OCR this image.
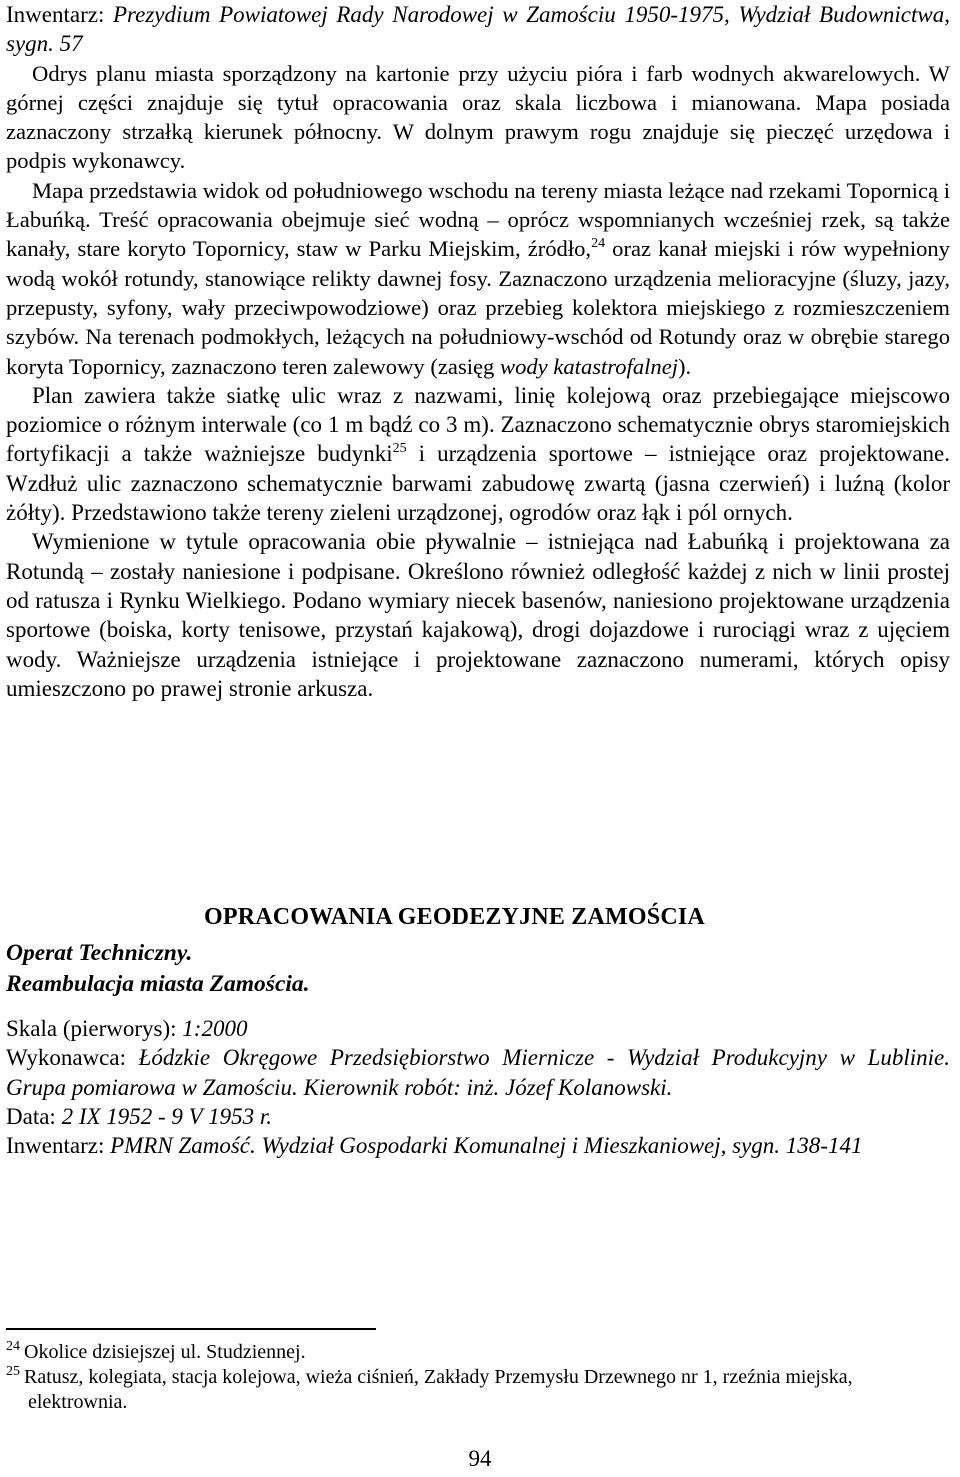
Inwentarz: Prezydium Powiatowej Rady Narodowej w Zamościu 1950-1975, Wydział Budownictwa, sygn. 57

Odrys planu miasta sporządzony na kartonie przy użyciu pióra i farb wodnych akwarelowych. W górnej części znajduje się tytuł opracowania oraz skala liczbowa i mianowana. Mapa posiada zaznaczony strzałką kierunek północny. W dolnym prawym rogu znajduje się pieczęć urzędowa i podpis wykonawcy.

Mapa przedstawia widok od południowego wschodu na tereny miasta leżące nad rzekami Topornicą i Łabuńką. Treść opracowania obejmuje sieć wodną – oprócz wspomnianych wcześniej rzek, są także kanały, stare koryto Topornicy, staw w Parku Miejskim, źródło,$^{24}$ oraz kanał miejski i rów wypełniony wodą wokół rotundy, stanowiące relikty dawnej fosy. Zaznaczono urządzenia melioracyjne (śluzy, jazy, przepusty, syfony, wały przeciwpowodziowe) oraz przebieg kolektora miejskiego z rozmieszczeniem szybów. Na terenach podmokłych, leżących na południowy-wschód od Rotundy oraz w obrębie starego koryta Topornicy, zaznaczono teren zalewowy (zasięg wody katastrofalnej).

Plan zawiera także siatkę ulic wraz z nazwami, linię kolejową oraz przebiegające miejscowo poziomice o różnym interwale (co 1 m bądź co 3 m). Zaznaczono schematycznie obrys staromiejskich fortyfikacji a także ważniejsze budynki$^{25}$ i urządzenia sportowe – istniejące oraz projektowane. Wzdłuż ulic zaznaczono schematycznie barwami zabudowę zwartą (jasna czerwień) i luźną (kolor żółty). Przedstawiono także tereny zieleni urządzonej, ogrodów oraz łąk i pól ornych.

Wymienione w tytule opracowania obie pływalnie – istniejąca nad Łabuńką i projektowana za Rotundą – zostały naniesione i podpisane. Określono również odległość każdej z nich w linii prostej od ratusza i Rynku Wielkiego. Podano wymiary niecek basenów, naniesiono projektowane urządzenia sportowe (boiska, korty tenisowe, przystań kajakową), drogi dojazdowe i rurociągi wraz z ujęciem wody. Ważniejsze urządzenia istniejące i projektowane zaznaczono numerami, których opisy umieszczono po prawej stronie arkusza.

OPRACOWANIA GEODEZYJNE ZAMOŚCIA

Operat Techniczny.

Reambulacja miasta Zamościa.

Skala (pierworys): 1:2000

Wykonawca: Łódzkie Okręgowe Przedsiębiorstwo Miernicze - Wydział Produkcyjny w Lublinie. Grupa pomiarowa w Zamościu. Kierownik robót: inż. Józef Kolanowski.

Data: 2 IX 1952 - 9 V 1953 r.

Inwentarz: PMRN Zamość. Wydział Gospodarki Komunalnej i Mieszkaniowej, sygn. 138-141

$^{24}$ Okolice dzisiejszej ul. Studziennej.

$^{25}$ Ratusz, kolegiata, stacja kolejowa, wieża ciśnień, Zakłady Przemysłu Drzewnego nr 1, rzeźnia miejska, elektrownia.

94
